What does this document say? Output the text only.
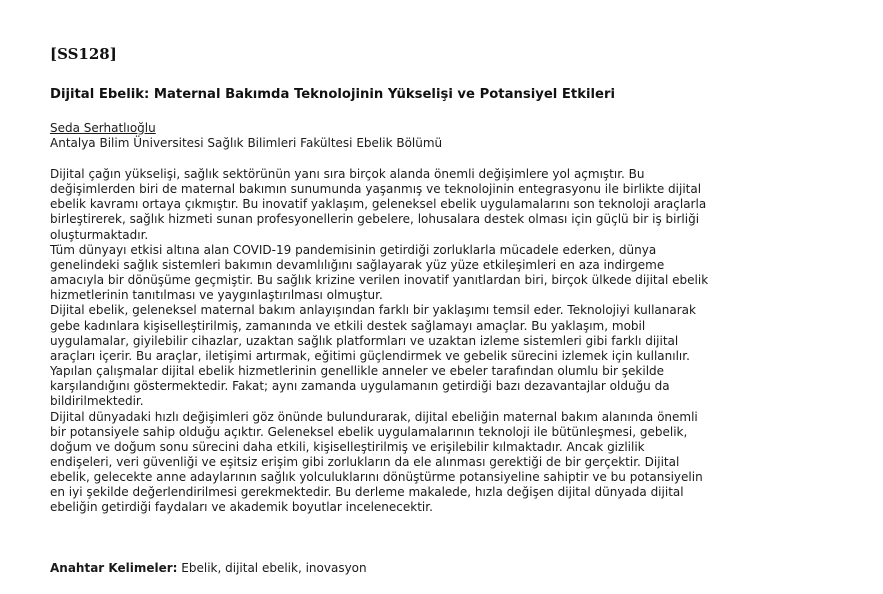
[SS128]
Dijital Ebelik: Maternal Bakımda Teknolojinin Yükselişi ve Potansiyel Etkileri
Seda Serhatlıoğlu
Antalya Bilim Üniversitesi Sağlık Bilimleri Fakültesi Ebelik Bölümü

Dijital çağın yükselişi, sağlık sektörünün yanı sıra birçok alanda önemli değişimlere yol açmıştır. Bu değişimlerden biri de maternal bakımın sunumunda yaşanmış ve teknolojinin entegrasyonu ile birlikte dijital ebelik kavramı ortaya çıkmıştır. Bu inovatif yaklaşım, geleneksel ebelik uygulamalarını son teknoloji araçlarla birleştirerek, sağlık hizmeti sunan profesyonellerin gebelere, lohusalara destek olması için güçlü bir iş birliği oluşturmaktadır.

Tüm dünyayı etkisi altına alan COVID-19 pandemisinin getirdiği zorluklarla mücadele ederken, dünya genelindeki sağlık sistemleri bakımın devamlılığını sağlayarak yüz yüze etkileşimleri en aza indirgeme amacıyla bir dönüşüme geçmiştir. Bu sağlık krizine verilen inovatif yanıtlardan biri, birçok ülkede dijital ebelik hizmetlerinin tanıtılması ve yaygınlaştırılması olmuştur.

Dijital ebelik, geleneksel maternal bakım anlayışından farklı bir yaklaşımı temsil eder. Teknolojiyi kullanarak gebe kadınlara kişiselleştirilmiş, zamanında ve etkili destek sağlamayı amaçlar. Bu yaklaşım, mobil uygulamalar, giyilebilir cihazlar, uzaktan sağlık platformları ve uzaktan izleme sistemleri gibi farklı dijital araçları içerir. Bu araçlar, iletişimi artırmak, eğitimi güçlendirmek ve gebelik sürecini izlemek için kullanılır. Yapılan çalışmalar dijital ebelik hizmetlerinin genellikle anneler ve ebeler tarafından olumlu bir şekilde karşılandığını göstermektedir. Fakat; aynı zamanda uygulamanın getirdiği bazı dezavantajlar olduğu da bildirilmektedir.

Dijital dünyadaki hızlı değişimleri göz önünde bulundurarak, dijital ebeliğin maternal bakım alanında önemli bir potansiyele sahip olduğu açıktır. Geleneksel ebelik uygulamalarının teknoloji ile bütünleşmesi, gebelik, doğum ve doğum sonu sürecini daha etkili, kişiselleştirilmiş ve erişilebilir kılmaktadır. Ancak gizlilik endişeleri, veri güvenliği ve eşitsiz erişim gibi zorlukların da ele alınması gerektiği de bir gerçektir. Dijital ebelik, gelecekte anne adaylarının sağlık yolculuklarını dönüştürme potansiyeline sahiptir ve bu potansiyelin en iyi şekilde değerlendirilmesi gerekmektedir. Bu derleme makalede, hızla değişen dijital dünyada dijital ebeliğin getirdiği faydaları ve akademik boyutlar incelenecektir.

Anahtar Kelimeler: Ebelik, dijital ebelik, inovasyon
